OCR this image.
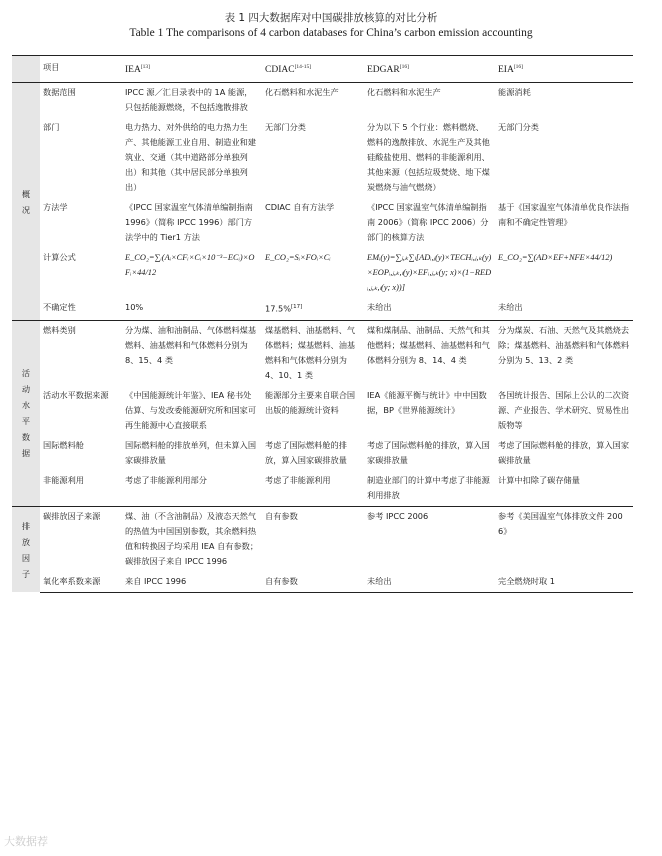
表 1 四大数据库对中国碳排放核算的对比分析
Table 1 The comparisons of 4 carbon databases for China’s carbon emission accounting
	项目	IEA[13]	CDIAC[14-15]	EDGAR[16]	EIA[16]

概况	数据范围	IPCC 源／汇目录表中的 1A 能源，只包括能源燃烧，不包括逸散排放	化石燃料和水泥生产	化石燃料和水泥生产	能源消耗
	部门	电力热力、对外供给的电力热力生产、其他能源工业自用、制造业和建筑业、交通（其中道路部分单独列出）和其他（其中居民部分单独列出）	无部门分类	分为以下 5 个行业：燃料燃烧、燃料的逸散排放、水泥生产及其他硅酸盐使用、燃料的非能源利用、其他来源（包括垃圾焚烧、地下煤炭燃烧与油气燃烧）	无部门分类
	方法学	《IPCC 国家温室气体清单编制指南 1996》（简称 IPCC 1996）部门方法学中的 Tier1 方法	CDIAC 自有方法学	《IPCC 国家温室气体清单编制指南 2006》（简称 IPCC 2006）分部门的核算方法	基于《国家温室气体清单优良作法指南和不确定性管理》
	计算公式	E_CO₂=∑ᵢ(Aᵢ×CFᵢ×Cᵢ×10⁻³−ECᵢ)×OFᵢ×44/12	E_CO₂=Sᵢ×FOᵢ×Cᵢ	EMᵢ(y)=∑ⱼ,ₖ∑ₗ[ADᵢ,ⱼ(y)×TECHᵢ,ⱼ,ₖ(y)×EOPᵢ,ⱼ,ₖ,ₗ(y)×EFᵢ,ⱼ,ₖ(y; x)×(1−REDᵢ,ⱼ,ₖ,ₗ(y; x))]	E_CO₂=∑(AD×EF+NFE×44/12)
	不确定性	10%	17.5%[17]	未给出	未给出

活动水平数据	燃料类别	分为煤、油和油制品、气体燃料煤基燃料、油基燃料和气体燃料分别为 8、15、4 类	煤基燃料、油基燃料、气体燃料；煤基燃料、油基燃料和气体燃料分别为 4、10、1 类	煤和煤制品、油制品、天然气和其他燃料；煤基燃料、油基燃料和气体燃料分别为 8、14、4 类	分为煤炭、石油、天然气及其燃烧去除；煤基燃料、油基燃料和气体燃料分别为 5、13、2 类
	活动水平数据来源	《中国能源统计年鉴》、IEA 秘书处估算、与发改委能源研究所和国家可再生能源中心直接联系	能源部分主要来自联合国出版的能源统计资料	IEA《能源平衡与统计》中中国数据，BP《世界能源统计》	各国统计报告、国际上公认的二次资源、产业报告、学术研究、贸易性出版物等
	国际燃料舱	国际燃料舱的排放单列，但未算入国家碳排放量	考虑了国际燃料舱的排放，算入国家碳排放量	考虑了国际燃料舱的排放，算入国家碳排放量	考虑了国际燃料舱的排放，算入国家碳排放量
	非能源利用	考虑了非能源利用部分	考虑了非能源利用	制造业部门的计算中考虑了非能源利用排放	计算中扣除了碳存储量

排放因子	碳排放因子来源	煤、油（不含油制品）及液态天然气的热值为中国国别参数，其余燃料热值和转换因子均采用 IEA 自有参数；碳排放因子来自 IPCC 1996	自有参数	参考 IPCC 2006	参考《美国温室气体排放文件 2006》
	氧化率系数来源	来自 IPCC 1996	自有参数	未给出	完全燃烧时取 1
大数据荐
